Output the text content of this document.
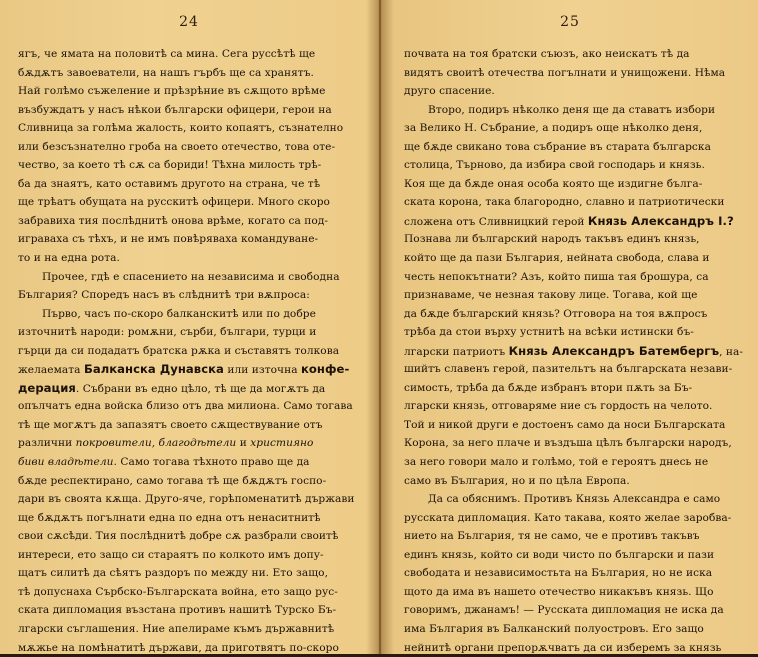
24
ягъ, че ямата на половитѣ са мина. Сега руссѣтѣ ще
бѫдѫтъ завоеватели, на нашъ гърбъ ще са хранятъ.
Най голѣмо съжеление и прѣзрѣние въ сѫщото врѣме
възбуждатъ у насъ нѣкои български офицери, герои на
Сливница за голѣма жалость, които копаятъ, съзнателно
или безсъзнателно гроба на своето отечество, това оте-
чество, за което тѣ сѫ са бориди! Тѣхна милость трѣ-
ба да знаятъ, като оставимъ другото на страна, че тѣ
ще трѣатъ обущата на русскитѣ офицери. Много скоро
забравиха тия послѣднитѣ онова врѣме, когато са под-
играваха съ тѣхъ, и не имъ повѣряваха командуване-
то и на една рота.
Прочее, гдѣ е спасението на независима и свободна
България? Споредъ насъ въ слѣднитѣ три вѫпроса:
Първо, часъ по-скоро балканскитѣ или по добре
източнитѣ народи: ромѫни, сърби, българи, турци и
гърци да си подадатъ братска рѫка и съставятъ толкова
желаемата Балканска Дунавска или източна конфе-
дерация. Събрани въ едно цѣло, тѣ ще да могѫтъ да
опълчатъ една войска близо отъ два милиона. Само тогава
тѣ ще могѫтъ да запазятъ своето сѫществувание отъ
различни покровители, благодѣтели и християно
биви владѣтели. Само тогава тѣхното право ще да
бѫде респектирано, само тогава тѣ ще бѫдѫтъ госпо-
дари въ своята кѫща. Друго-яче, горѣпоменатитѣ държави
ще бѫдѫтъ погълнати една по една отъ ненаситнитѣ
свои сѫсѣди. Тия послѣднитѣ добре сѫ разбрали своитѣ
интереси, ето защо си стараятъ по колкото имъ допу-
щатъ силитѣ да сѣятъ раздоръ по между ни. Ето защо,
тѣ допуснаха Сърбско-Българската война, ето защо рус-
ската дипломация възстана противъ нашитѣ Турско Бъ-
лгарски съглашения. Ние апелираме къмъ държавнитѣ
мѫжье на помѣнатитѣ държави, да приготвятъ по-скоро
25
почвата на тоя братски съюзъ, ако неискатъ тѣ да
видятъ своитѣ отечества погълнати и унищожени. Нѣма
друго спасение.
Второ, подиръ нѣколко деня ще да ставатъ избори
за Велико Н. Събрание, а подиръ още нѣколко деня,
ще бѫде свикано това събрание въ старата българска
столица, Търново, да избира свой господарь и князь.
Коя ще да бѫде оная особа която ще издигне бълга-
ската корона, така благородно, славно и патриотически
сложена отъ Сливницкий герой Князь Александръ I.?
Познава ли българский народъ такъвъ единъ князь,
който ще да пази България, нейната свобода, слава и
честь непокътнати? Азъ, който пиша тая брошура, са
признаваме, че незная такову лице. Тогава, кой ще
да бѫде българский князь? Отговора на тоя вѫпросъ
трѣба да стои върху устнитѣ на всѣки истински бъ-
лгарски патриотъ Князь Александръ Батембергъ, на-
шийтъ славенъ герой, пазительтъ на българската незави-
симость, трѣба да бѫде избранъ втори пѫть за Бъ-
лгарски князь, отговаряме ние съ гордость на челото.
Той и никой други е достоенъ само да носи Българската
Корона, за него плаче и въздъша цѣлъ български народъ,
за него говори мало и голѣмо, той е героятъ днесь не
само въ България, но и по цѣла Европа.
Да са обяснимъ. Противъ Князь Александра е само
русската дипломация. Като такава, която желае заробва-
нието на България, тя не само, че е противъ такъвъ
единъ князь, който си води чисто по български и пази
свободата и независимостьта на България, но не иска
щото да има въ нашето отечество никакъвъ князь. Що
говоримъ, джанамъ! — Русската дипломация не иска да
има България въ Балканский полуостровъ. Его защо
нейнитѣ органи препорѫчватъ да си изберемъ за князь
